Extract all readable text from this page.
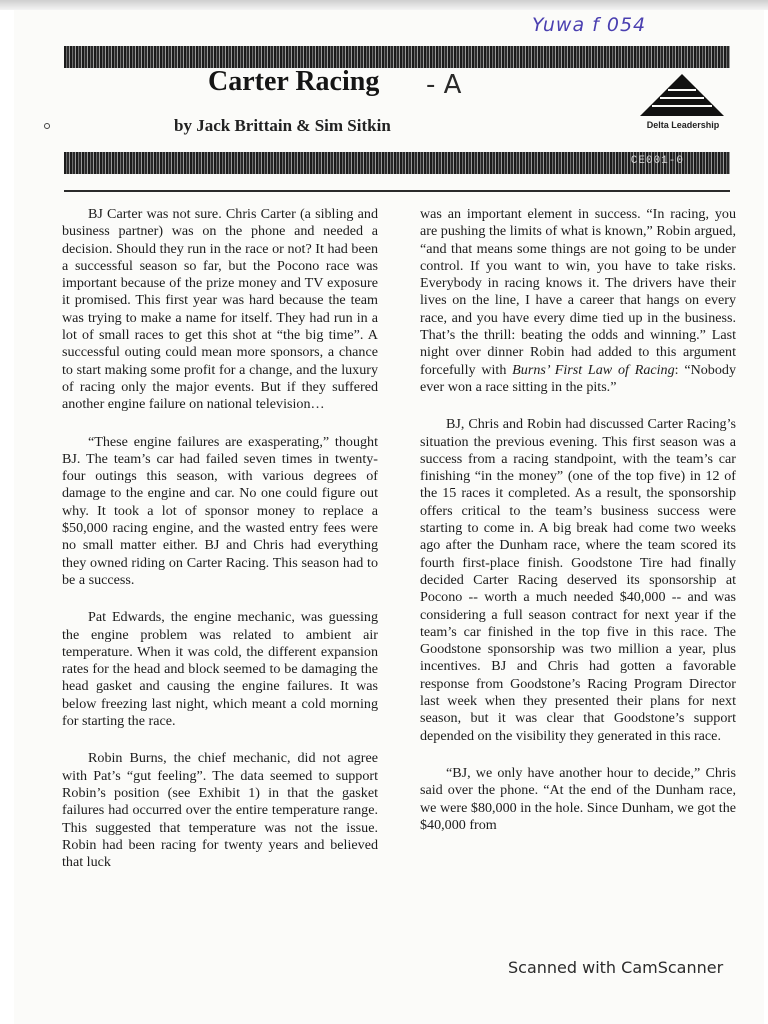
Yuwa f 054
Carter Racing - A
by Jack Brittain & Sim Sitkin	Delta Leadership
CE001-0

BJ Carter was not sure. Chris Carter (a sibling and business partner) was on the phone and needed a decision. Should they run in the race or not? It had been a successful season so far, but the Pocono race was important because of the prize money and TV exposure it promised. This first year was hard because the team was trying to make a name for itself. They had run in a lot of small races to get this shot at “the big time”. A successful outing could mean more sponsors, a chance to start making some profit for a change, and the luxury of racing only the major events. But if they suffered another engine failure on national television…

“These engine failures are exasperating,” thought BJ. The team’s car had failed seven times in twenty-four outings this season, with various degrees of damage to the engine and car. No one could figure out why. It took a lot of sponsor money to replace a $50,000 racing engine, and the wasted entry fees were no small matter either. BJ and Chris had everything they owned riding on Carter Racing. This season had to be a success.

Pat Edwards, the engine mechanic, was guessing the engine problem was related to ambient air temperature. When it was cold, the different expansion rates for the head and block seemed to be damaging the head gasket and causing the engine failures. It was below freezing last night, which meant a cold morning for starting the race.

Robin Burns, the chief mechanic, did not agree with Pat’s “gut feeling”. The data seemed to support Robin’s position (see Exhibit 1) in that the gasket failures had occurred over the entire temperature range. This suggested that temperature was not the issue. Robin had been racing for twenty years and believed that luck

was an important element in success. “In racing, you are pushing the limits of what is known,” Robin argued, “and that means some things are not going to be under control. If you want to win, you have to take risks. Everybody in racing knows it. The drivers have their lives on the line, I have a career that hangs on every race, and you have every dime tied up in the business. That’s the thrill: beating the odds and winning.” Last night over dinner Robin had added to this argument forcefully with Burns’ First Law of Racing: “Nobody ever won a race sitting in the pits.”

BJ, Chris and Robin had discussed Carter Racing’s situation the previous evening. This first season was a success from a racing standpoint, with the team’s car finishing “in the money” (one of the top five) in 12 of the 15 races it completed. As a result, the sponsorship offers critical to the team’s business success were starting to come in. A big break had come two weeks ago after the Dunham race, where the team scored its fourth first-place finish. Goodstone Tire had finally decided Carter Racing deserved its sponsorship at Pocono -- worth a much needed $40,000 -- and was considering a full season contract for next year if the team’s car finished in the top five in this race. The Goodstone sponsorship was two million a year, plus incentives. BJ and Chris had gotten a favorable response from Goodstone’s Racing Program Director last week when they presented their plans for next season, but it was clear that Goodstone’s support depended on the visibility they generated in this race.

“BJ, we only have another hour to decide,” Chris said over the phone. “At the end of the Dunham race, we were $80,000 in the hole. Since Dunham, we got the $40,000 from

Scanned with CamScanner
